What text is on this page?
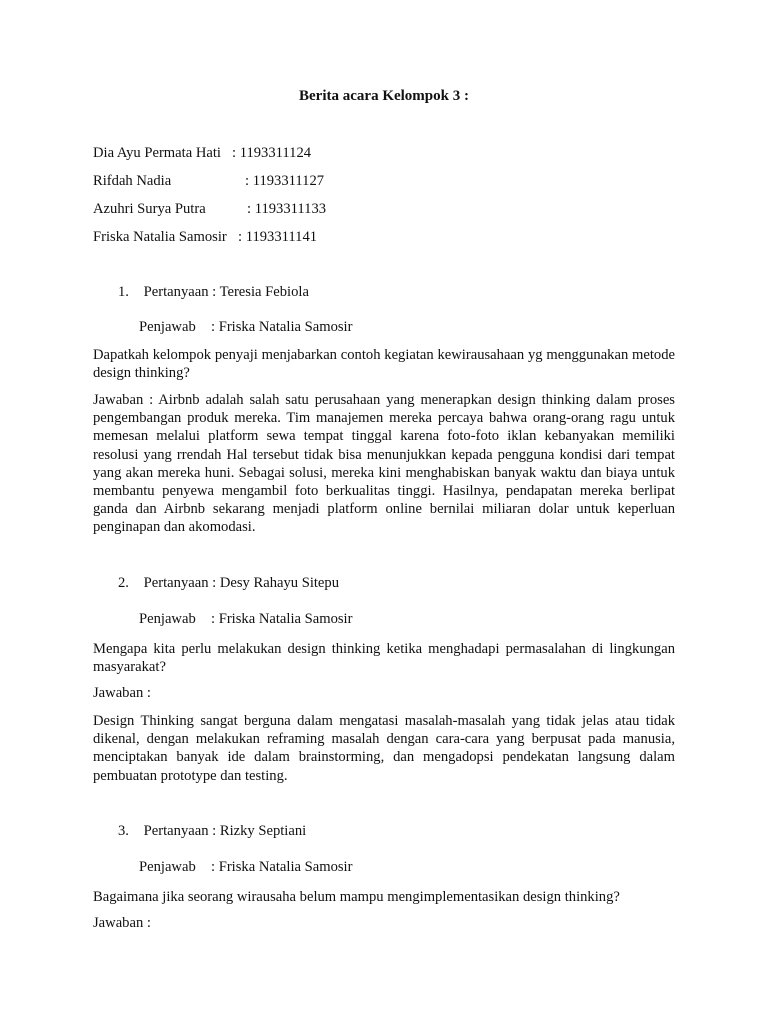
Berita acara Kelompok 3 :
Dia Ayu Permata Hati : 1193311124
Rifdah Nadia	: 1193311127
Azuhri Surya Putra	: 1193311133
Friska Natalia Samosir : 1193311141
1. Pertanyaan : Teresia Febiola
Penjawab : Friska Natalia Samosir

Dapatkah kelompok penyaji menjabarkan contoh kegiatan kewirausahaan yg menggunakan metode design thinking?

Jawaban : Airbnb adalah salah satu perusahaan yang menerapkan design thinking dalam proses pengembangan produk mereka. Tim manajemen mereka percaya bahwa orang-orang ragu untuk memesan melalui platform sewa tempat tinggal karena foto-foto iklan kebanyakan memiliki resolusi yang rrendah Hal tersebut tidak bisa menunjukkan kepada pengguna kondisi dari tempat yang akan mereka huni. Sebagai solusi, mereka kini menghabiskan banyak waktu dan biaya untuk membantu penyewa mengambil foto berkualitas tinggi. Hasilnya, pendapatan mereka berlipat ganda dan Airbnb sekarang menjadi platform online bernilai miliaran dolar untuk keperluan penginapan dan akomodasi.

2. Pertanyaan : Desy Rahayu Sitepu
Penjawab : Friska Natalia Samosir

Mengapa kita perlu melakukan design thinking ketika menghadapi permasalahan di lingkungan masyarakat?

Jawaban :

Design Thinking sangat berguna dalam mengatasi masalah-masalah yang tidak jelas atau tidak dikenal, dengan melakukan reframing masalah dengan cara-cara yang berpusat pada manusia, menciptakan banyak ide dalam brainstorming, dan mengadopsi pendekatan langsung dalam pembuatan prototype dan testing.

3. Pertanyaan : Rizky Septiani
Penjawab : Friska Natalia Samosir

Bagaimana jika seorang wirausaha belum mampu mengimplementasikan design thinking?

Jawaban :
